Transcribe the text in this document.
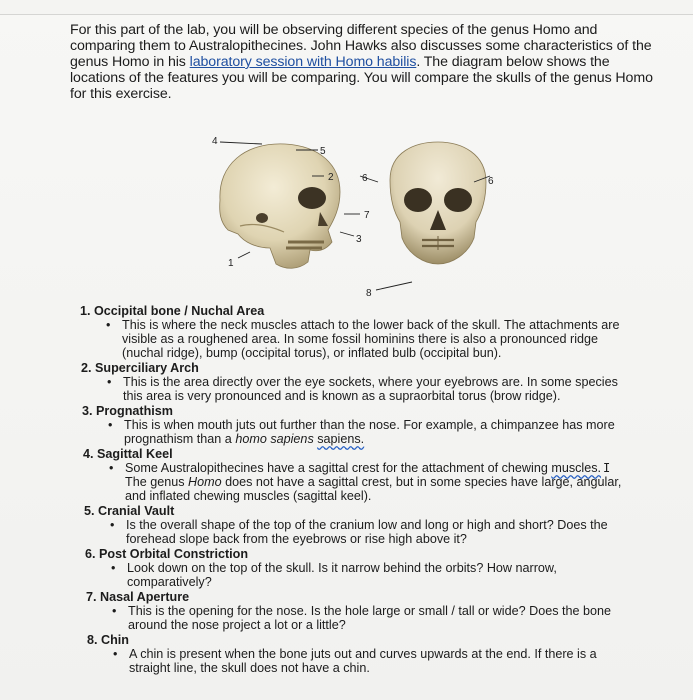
For this part of the lab, you will be observing different species of the genus Homo and comparing them to Australopithecines. John Hawks also discusses some characteristics of the genus Homo in his laboratory session with Homo habilis. The diagram below shows the locations of the features you will be comparing. You will compare the skulls of the genus Homo for this exercise.
4
5
2	6	6
7
3
8
1
1. Occipital bone / Nuchal Area
• This is where the neck muscles attach to the lower back of the skull. The attachments are visible as a roughened area. In some fossil hominins there is also a pronounced ridge (nuchal ridge), bump (occipital torus), or inflated bulb (occipital bun).
2. Superciliary Arch
• This is the area directly over the eye sockets, where your eyebrows are. In some species this area is very pronounced and is known as a supraorbital torus (brow ridge).
3. Prognathism
• This is when mouth juts out further than the nose. For example, a chimpanzee has more prognathism than a homo sapiens sapiens.
4. Sagittal Keel
• Some Australopithecines have a sagittal crest for the attachment of chewing muscles. I
The genus Homo does not have a sagittal crest, but in some species have large, angular, and inflated chewing muscles (sagittal keel).
5. Cranial Vault
• Is the overall shape of the top of the cranium low and long or high and short? Does the forehead slope back from the eyebrows or rise high above it?
6. Post Orbital Constriction
• Look down on the top of the skull. Is it narrow behind the orbits? How narrow, comparatively?
7. Nasal Aperture
• This is the opening for the nose. Is the hole large or small / tall or wide? Does the bone around the nose project a lot or a little?
8. Chin
• A chin is present when the bone juts out and curves upwards at the end. If there is a straight line, the skull does not have a chin.
